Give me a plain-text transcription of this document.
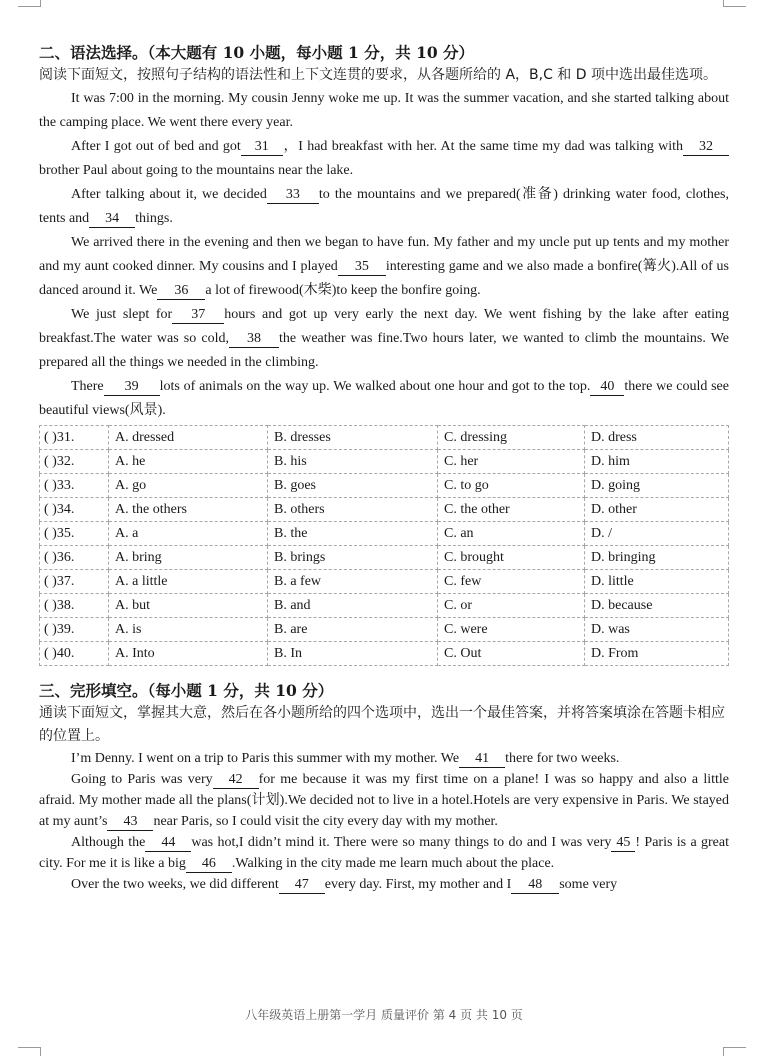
二、语法选择。（本大题有 10 小题，每小题 1 分，共 10 分）

阅读下面短文，按照句子结构的语法性和上下文连贯的要求，从各题所给的 A，B,C 和 D 项中选出最佳选项。

It was 7:00 in the morning. My cousin Jenny woke me up. It was the summer vacation, and she started talking about the camping place. We went there every year.

After I got out of bed and got 31 ，I had breakfast with her. At the same time my dad was talking with 32brother Paul about going to the mountains near the lake.

After talking about it, we decided 33 to the mountains and we prepared(准备) drinking water food, clothes, tents and 34 things.

We arrived there in the evening and then we began to have fun. My father and my uncle put up tents and my mother and my aunt cooked dinner. My cousins and I played 35 interesting game and we also made a bonfire(篝火).All of us danced around it. We 36 a lot of firewood(木柴)to keep the bonfire going.

We just slept for 37 hours and got up very early the next day. We went fishing by the lake after eating breakfast.The water was so cold, 38 the weather was fine.Two hours later, we wanted to climb the mountains. We prepared all the things we needed in the climbing.

There 39 lots of animals on the way up. We walked about one hour and got to the top. 40 there we could see beautiful views(风景).

( )31.	A. dressed	B. dresses	C. dressing	D. dress
( )32.	A. he	B. his	C. her	D. him
( )33.	A. go	B. goes	C. to go	D. going
( )34.	A. the others	B. others	C. the other	D. other
( )35.	A. a	B. the	C. an	D. /
( )36.	A. bring	B. brings	C. brought	D. bringing
( )37.	A. a little	B. a few	C. few	D. little
( )38.	A. but	B. and	C. or	D. because
( )39.	A. is	B. are	C. were	D. was
( )40.	A. Into	B. In	C. Out	D. From

三、完形填空。（每小题 1 分，共 10 分）

通读下面短文，掌握其大意，然后在各小题所给的四个选项中，选出一个最佳答案，并将答案填涂在答题卡相应的位置上。

I’m Denny. I went on a trip to Paris this summer with my mother. We 41 there for two weeks.

Going to Paris was very 42 for me because it was my first time on a plane! I was so happy and also a little afraid. My mother made all the plans(计划).We decided not to live in a hotel.Hotels are very expensive in Paris. We stayed at my aunt’s 43 near Paris, so I could visit the city every day with my mother.

Although the 44 was hot,I didn’t mind it. There were so many things to do and I was very 45 ! Paris is a great city. For me it is like a big 46 .Walking in the city made me learn much about the place.

Over the two weeks, we did different 47 every day. First, my mother and I 48 some very

八年级英语上册第一学月 质量评价 第 4 页 共 10 页
